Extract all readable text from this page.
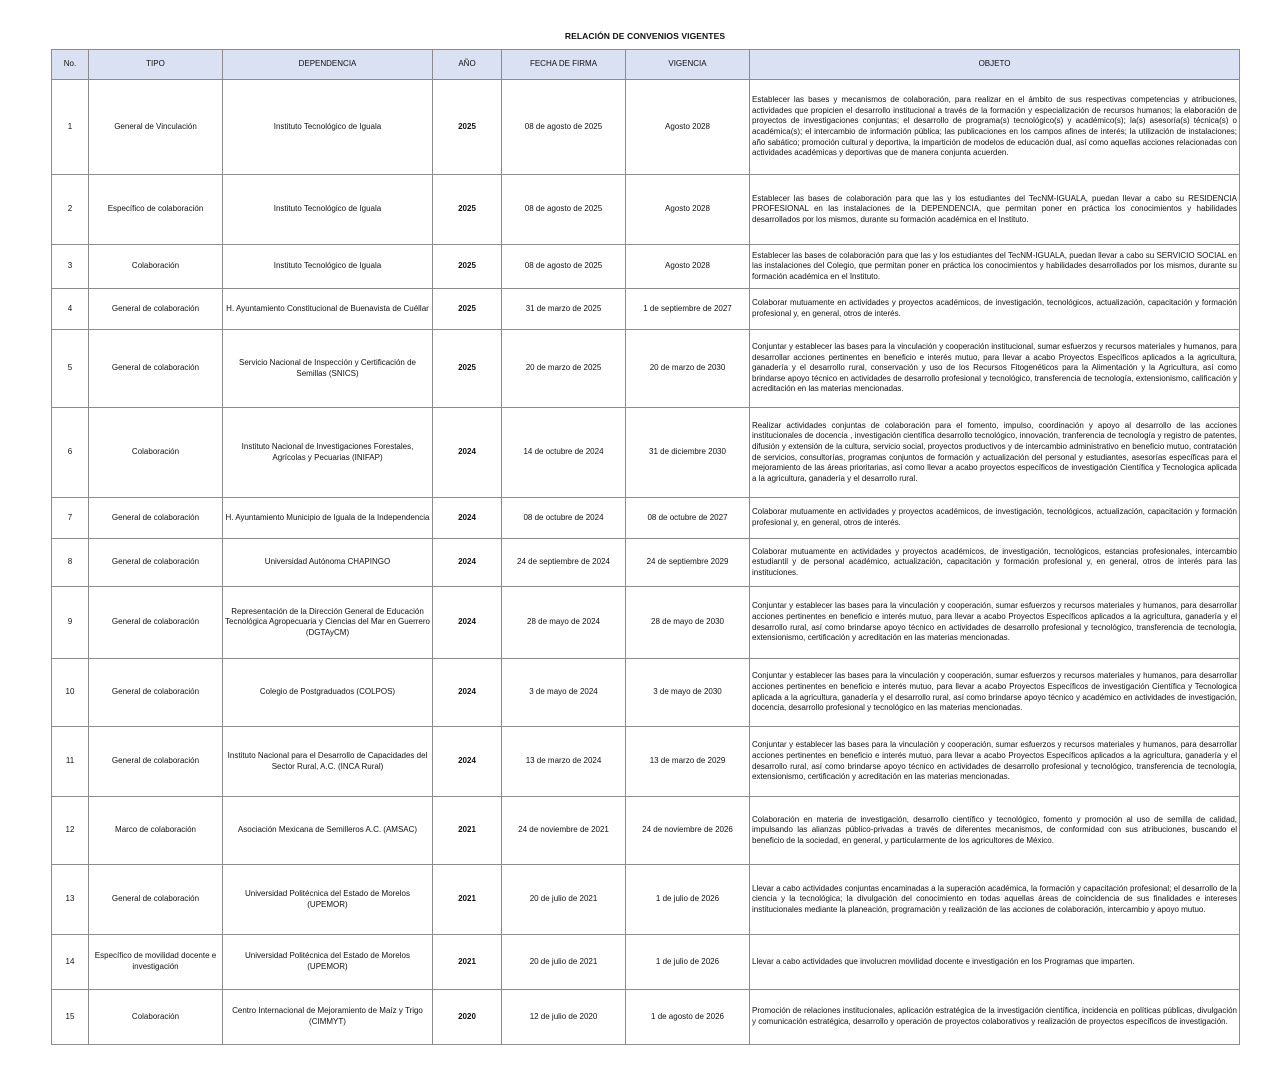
RELACIÓN DE CONVENIOS VIGENTES
No.	TIPO	DEPENDENCIA	AÑO	FECHA DE FIRMA	VIGENCIA	OBJETO
1	General de Vinculación	Instituto Tecnológico de Iguala	2025	08 de agosto de 2025	Agosto 2028	Establecer las bases y mecanismos de colaboración, para realizar en el ámbito de sus respectivas competencias y atribuciones, actividades que propicien el desarrollo institucional a través de la formación y especialización de recursos humanos; la elaboración de proyectos de investigaciones conjuntas; el desarrollo de programa(s) tecnológico(s) y académico(s); la(s) asesoría(s) técnica(s) o académica(s); el intercambio de información pública; las publicaciones en los campos afines de interés; la utilización de instalaciones; año sabático; promoción cultural y deportiva, la impartición de modelos de educación dual, así como aquellas acciones relacionadas con actividades académicas y deportivas que de manera conjunta acuerden.
2	Específico de colaboración	Instituto Tecnológico de Iguala	2025	08 de agosto de 2025	Agosto 2028	Establecer las bases de colaboración para que las y los estudiantes del TecNM-IGUALA, puedan llevar a cabo su RESIDENCIA PROFESIONAL en las instalaciones de la DEPENDENCIA, que permitan poner en práctica los conocimientos y habilidades desarrollados por los mismos, durante su formación académica en el Instituto.
3	Colaboración	Instituto Tecnológico de Iguala	2025	08 de agosto de 2025	Agosto 2028	Establecer las bases de colaboración para que las y los estudiantes del TecNM-IGUALA, puedan llevar a cabo su SERVICIO SOCIAL en las instalaciones del Colegio, que permitan poner en práctica los conocimientos y habilidades desarrollados por los mismos, durante su formación académica en el Instituto.
4	General de colaboración	H. Ayuntamiento Constitucional de Buenavista de Cuéllar	2025	31 de marzo de 2025	1 de septiembre de 2027	Colaborar mutuamente en actividades y proyectos académicos, de investigación, tecnológicos, actualización, capacitación y formación profesional y, en general, otros de interés.
5	General de colaboración	Servicio Nacional de Inspección y Certificación de Semillas (SNICS)	2025	20 de marzo de 2025	20 de marzo de 2030	Conjuntar y establecer las bases para la vinculación y cooperación institucional, sumar esfuerzos y recursos materiales y humanos, para desarrollar acciones pertinentes en beneficio e interés mutuo, para llevar a acabo Proyectos Específicos aplicados a la agricultura, ganadería y el desarrollo rural, conservación y uso de los Recursos Fitogenéticos para la Alimentación y la Agricultura, así como brindarse apoyo técnico en actividades de desarrollo profesional y tecnológico, transferencia de tecnología, extensionismo, calificación y acreditación en las materias mencionadas.
6	Colaboración	Instituto Nacional de Investigaciones Forestales, Agrícolas y Pecuarias (INIFAP)	2024	14 de octubre de 2024	31 de diciembre 2030	Realizar actividades conjuntas de colaboración para el fomento, impulso, coordinación y apoyo al desarrollo de las acciones institucionales de docencia , investigación científica desarrollo tecnológico, innovación, tranferencia de tecnología y registro de patentes, difusión y extensión de la cultura, servicio social, proyectos productivos y de intercambio administrativo en beneficio mutuo, contratación de servicios, consultorías, programas conjuntos de formación y actualización del personal y estudiantes, asesorías específicas para el mejoramiento de las áreas prioritarias, así como llevar a acabo proyectos específicos de investigación Científica y Tecnologica aplicada a la agricultura, ganadería y el desarrollo rural.
7	General de colaboración	H. Ayuntamiento Municipio de Iguala de la Independencia	2024	08 de octubre de 2024	08 de octubre de 2027	Colaborar mutuamente en actividades y proyectos académicos, de investigación, tecnológicos, actualización, capacitación y formación profesional y, en general, otros de interés.
8	General de colaboración	Universidad Autónoma CHAPINGO	2024	24 de septiembre de 2024	24 de septiembre 2029	Colaborar mutuamente en actividades y proyectos académicos, de investigación, tecnológicos, estancias profesionales, intercambio estudiantil y de personal académico, actualización, capacitación y formación profesional y, en general, otros de interés para las instituciones.
9	General de colaboración	Representación de la Dirección General de Educación Tecnológica Agropecuaria y Ciencias del Mar en Guerrero (DGTAyCM)	2024	28 de mayo de 2024	28 de mayo de 2030	Conjuntar y establecer las bases para la vinculación y cooperación, sumar esfuerzos y recursos materiales y humanos, para desarrollar acciones pertinentes en beneficio e interés mutuo, para llevar a acabo Proyectos Específicos aplicados a la agricultura, ganadería y el desarrollo rural, así como brindarse apoyo técnico en actividades de desarrollo profesional y tecnológico, transferencia de tecnología, extensionismo, certificación y acreditación en las materias mencionadas.
10	General de colaboración	Colegio de Postgraduados (COLPOS)	2024	3 de mayo de 2024	3 de mayo de 2030	Conjuntar y establecer las bases para la vinculación y cooperación, sumar esfuerzos y recursos materiales y humanos, para desarrollar acciones pertinentes en beneficio e interés mutuo, para llevar a acabo Proyectos Específicos de investigación Científica y Tecnologica aplicada a la agricultura, ganadería y el desarrollo rural, así como brindarse apoyo técnico y académico en actividades de investigación, docencia, desarrollo profesional y tecnológico en las materias mencionadas.
11	General de colaboración	Instituto Nacional para el Desarrollo de Capacidades del Sector Rural, A.C. (INCA Rural)	2024	13 de marzo de 2024	13 de marzo de 2029	Conjuntar y establecer las bases para la vinculación y cooperación, sumar esfuerzos y recursos materiales y humanos, para desarrollar acciones pertinentes en beneficio e interés mutuo, para llevar a acabo Proyectos Específicos aplicados a la agricultura, ganadería y el desarrollo rural, así como brindarse apoyo técnico en actividades de desarrollo profesional y tecnológico, transferencia de tecnología, extensionismo, certificación y acreditación en las materias mencionadas.
12	Marco de colaboración	Asociación Mexicana de Semilleros A.C. (AMSAC)	2021	24 de noviembre de 2021	24 de noviembre de 2026	Colaboración en materia de investigación, desarrollo científico y tecnológico, fomento y promoción al uso de semilla de calidad, impulsando las alianzas público-privadas a través de diferentes mecanismos, de conformidad con sus atribuciones, buscando el beneficio de la sociedad, en general, y particularmente de los agricultores de México.
13	General de colaboración	Universidad Politécnica del Estado de Morelos (UPEMOR)	2021	20 de julio de 2021	1 de julio de 2026	Llevar a cabo actividades conjuntas encaminadas a la superación académica, la formación y capacitación profesional; el desarrollo de la ciencia y la tecnológica; la divulgación del conocimiento en todas aquellas áreas de coincidencia de sus finalidades e intereses institucionales mediante la planeación, programación y realización de las acciones de colaboración, intercambio y apoyo mutuo.
14	Específico de movilidad docente e investigación	Universidad Politécnica del Estado de Morelos (UPEMOR)	2021	20 de julio de 2021	1 de julio de 2026	Llevar a cabo actividades que involucren movilidad docente e investigación en los Programas que imparten.
15	Colaboración	Centro Internacional de Mejoramiento de Maíz y Trigo (CIMMYT)	2020	12 de julio de 2020	1 de agosto de 2026	Promoción de relaciones institucionales, aplicación estratégica de la investigación científica, incidencia en políticas públicas, divulgación y comunicación estratégica, desarrollo y operación de proyectos colaborativos y realización de proyectos específicos de investigación.
